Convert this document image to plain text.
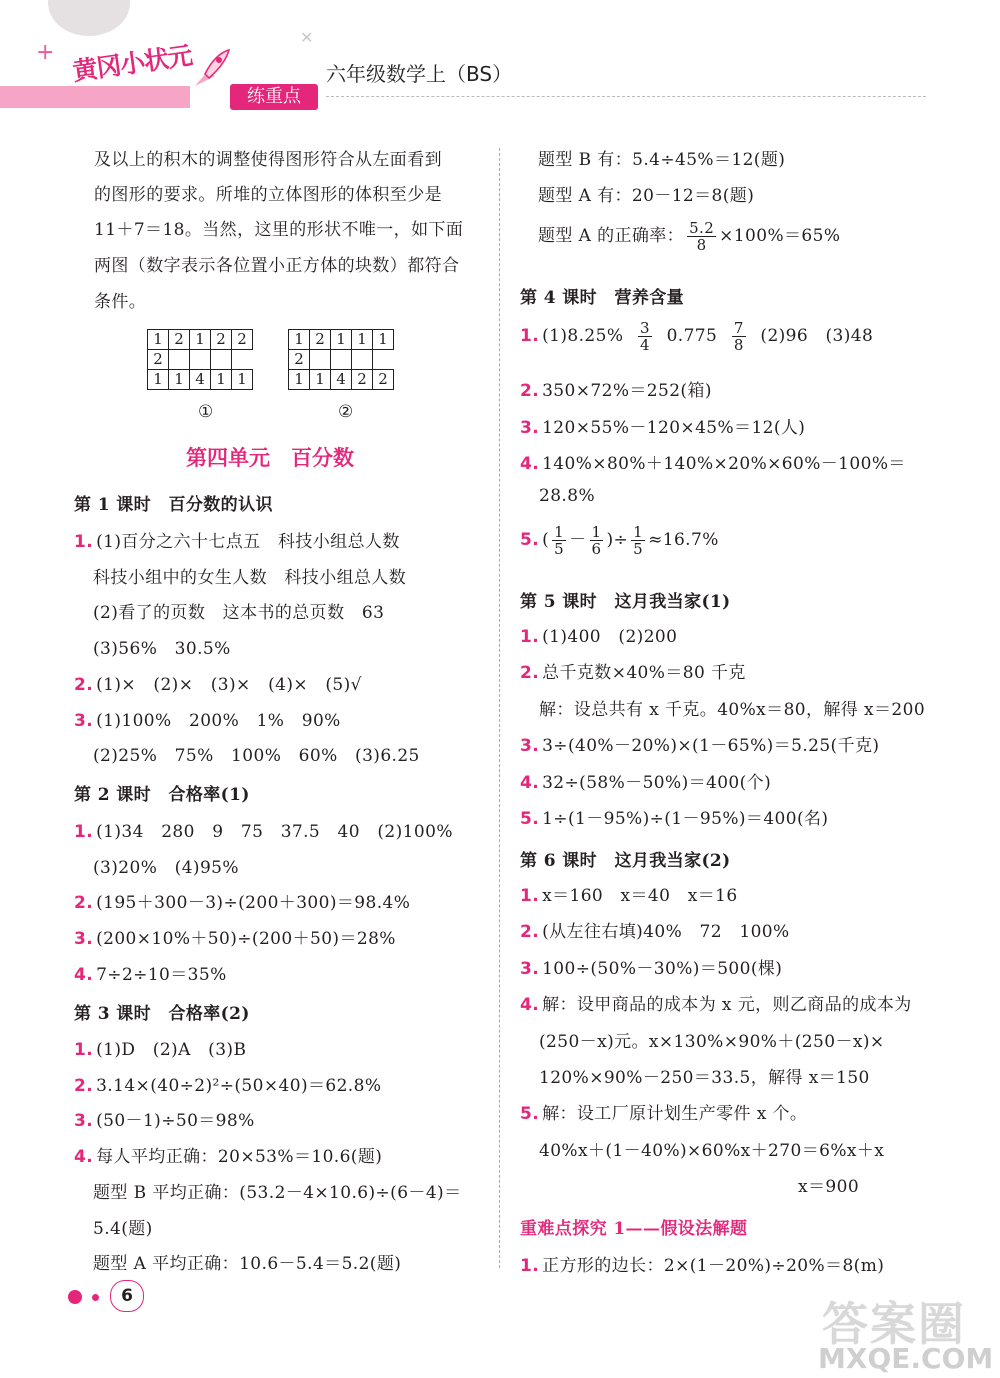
+
✕
黄冈小状元
练重点
六年级数学上（BS）
及以上的积木的调整使得图形符合从左面看到
的图形的要求。所堆的立体图形的体积至少是
11＋7＝18。当然，这里的形状不唯一，如下面
两图（数字表示各位置小正方体的块数）都符合
条件。
1	2	1	2	2
2				
1	1	4	1	1
①
1	2	1	1	1
2				
1	1	4	2	2
②
第四单元　百分数
第 1 课时　百分数的认识
1. (1)百分之六十七点五　科技小组总人数
科技小组中的女生人数　科技小组总人数
(2)看了的页数　这本书的总页数　63
(3)56%　30.5%
2. (1)×　(2)×　(3)×　(4)×　(5)√
3. (1)100%　200%　1%　90%
(2)25%　75%　100%　60%　(3)6.25
第 2 课时　合格率(1)
1. (1)34　280　9　75　37.5　40　(2)100%
(3)20%　(4)95%
2. (195＋300－3)÷(200＋300)＝98.4%
3. (200×10%＋50)÷(200＋50)＝28%
4. 7÷2÷10＝35%
第 3 课时　合格率(2)
1. (1)D　(2)A　(3)B
2. 3.14×(40÷2)²÷(50×40)＝62.8%
3. (50－1)÷50＝98%
4. 每人平均正确：20×53%＝10.6(题)
题型 B 平均正确：(53.2－4×10.6)÷(6－4)＝
5.4(题)
题型 A 平均正确：10.6－5.4＝5.2(题)
题型 B 有：5.4÷45%＝12(题)
题型 A 有：20－12＝8(题)
题型 A 的正确率： $\frac{5.2}{8} \times 100\%=65\%$
第 4 课时　营养含量
1. $(1)8.25\% \frac{3}{4} 0.775 \frac{7}{8} (2)96$　(3)48
2. 350×72%＝252(箱)
3. 120×55%－120×45%＝12(人)
4. 140%×80%＋140%×20%×60%－100%＝
28.8%
5. ( $\frac{1}{5} - \frac{1}{6}$ )÷ $\frac{1}{5} \approx 16.7\%$
第 5 课时　这月我当家(1)
1. (1)400　(2)200
2. 总千克数×40%＝80 千克
解：设总共有 x 千克。40%x＝80，解得 x＝200
3. 3÷(40%－20%)×(1－65%)＝5.25(千克)
4. 32÷(58%－50%)＝400(个)
5. 1÷(1－95%)÷(1－95%)＝400(名)
第 6 课时　这月我当家(2)
1. x＝160　x＝40　x＝16
2. (从左往右填)40%　72　100%
3. 100÷(50%－30%)＝500(棵)
4. 解：设甲商品的成本为 x 元，则乙商品的成本为
(250－x)元。x×130%×90%＋(250－x)×
120%×90%－250＝33.5，解得 x＝150
5. 解：设工厂原计划生产零件 x 个。
40%x＋(1－40%)×60%x＋270＝6%x＋x
x＝900
重难点探究 1——假设法解题
1. 正方形的边长：2×(1－20%)÷20%＝8(m)
6
答案圈
MXQE.COM
